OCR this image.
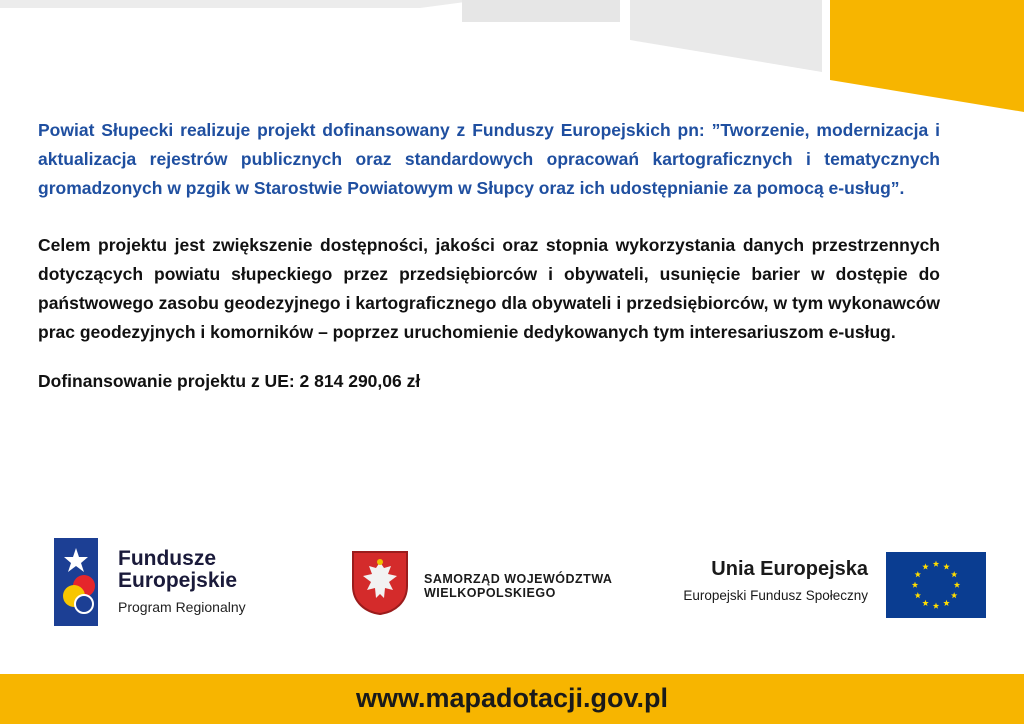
Powiat Słupecki realizuje projekt dofinansowany z Funduszy Europejskich pn: ”Tworzenie, modernizacja i aktualizacja rejestrów publicznych oraz standardowych opracowań kartograficznych i tematycznych gromadzonych w pzgik w Starostwie Powiatowym w Słupcy oraz ich udostępnianie za pomocą e-usług”.

Celem projektu jest zwiększenie dostępności, jakości oraz stopnia wykorzystania danych przestrzennych dotyczących powiatu słupeckiego przez przedsiębiorców i obywateli, usunięcie barier w dostępie do państwowego zasobu geodezyjnego i kartograficznego dla obywateli i przedsiębiorców, w tym wykonawców prac geodezyjnych i komorników – poprzez uruchomienie dedykowanych tym interesariuszom e-usług.

Dofinansowanie projektu z UE: 2 814 290,06 zł

Fundusze
Europejskie
Program Regionalny
SAMORZĄD WOJEWÓDZTWA
WIELKOPOLSKIEGO
Unia Europejska
Europejski Fundusz Społeczny
www.mapadotacji.gov.pl
